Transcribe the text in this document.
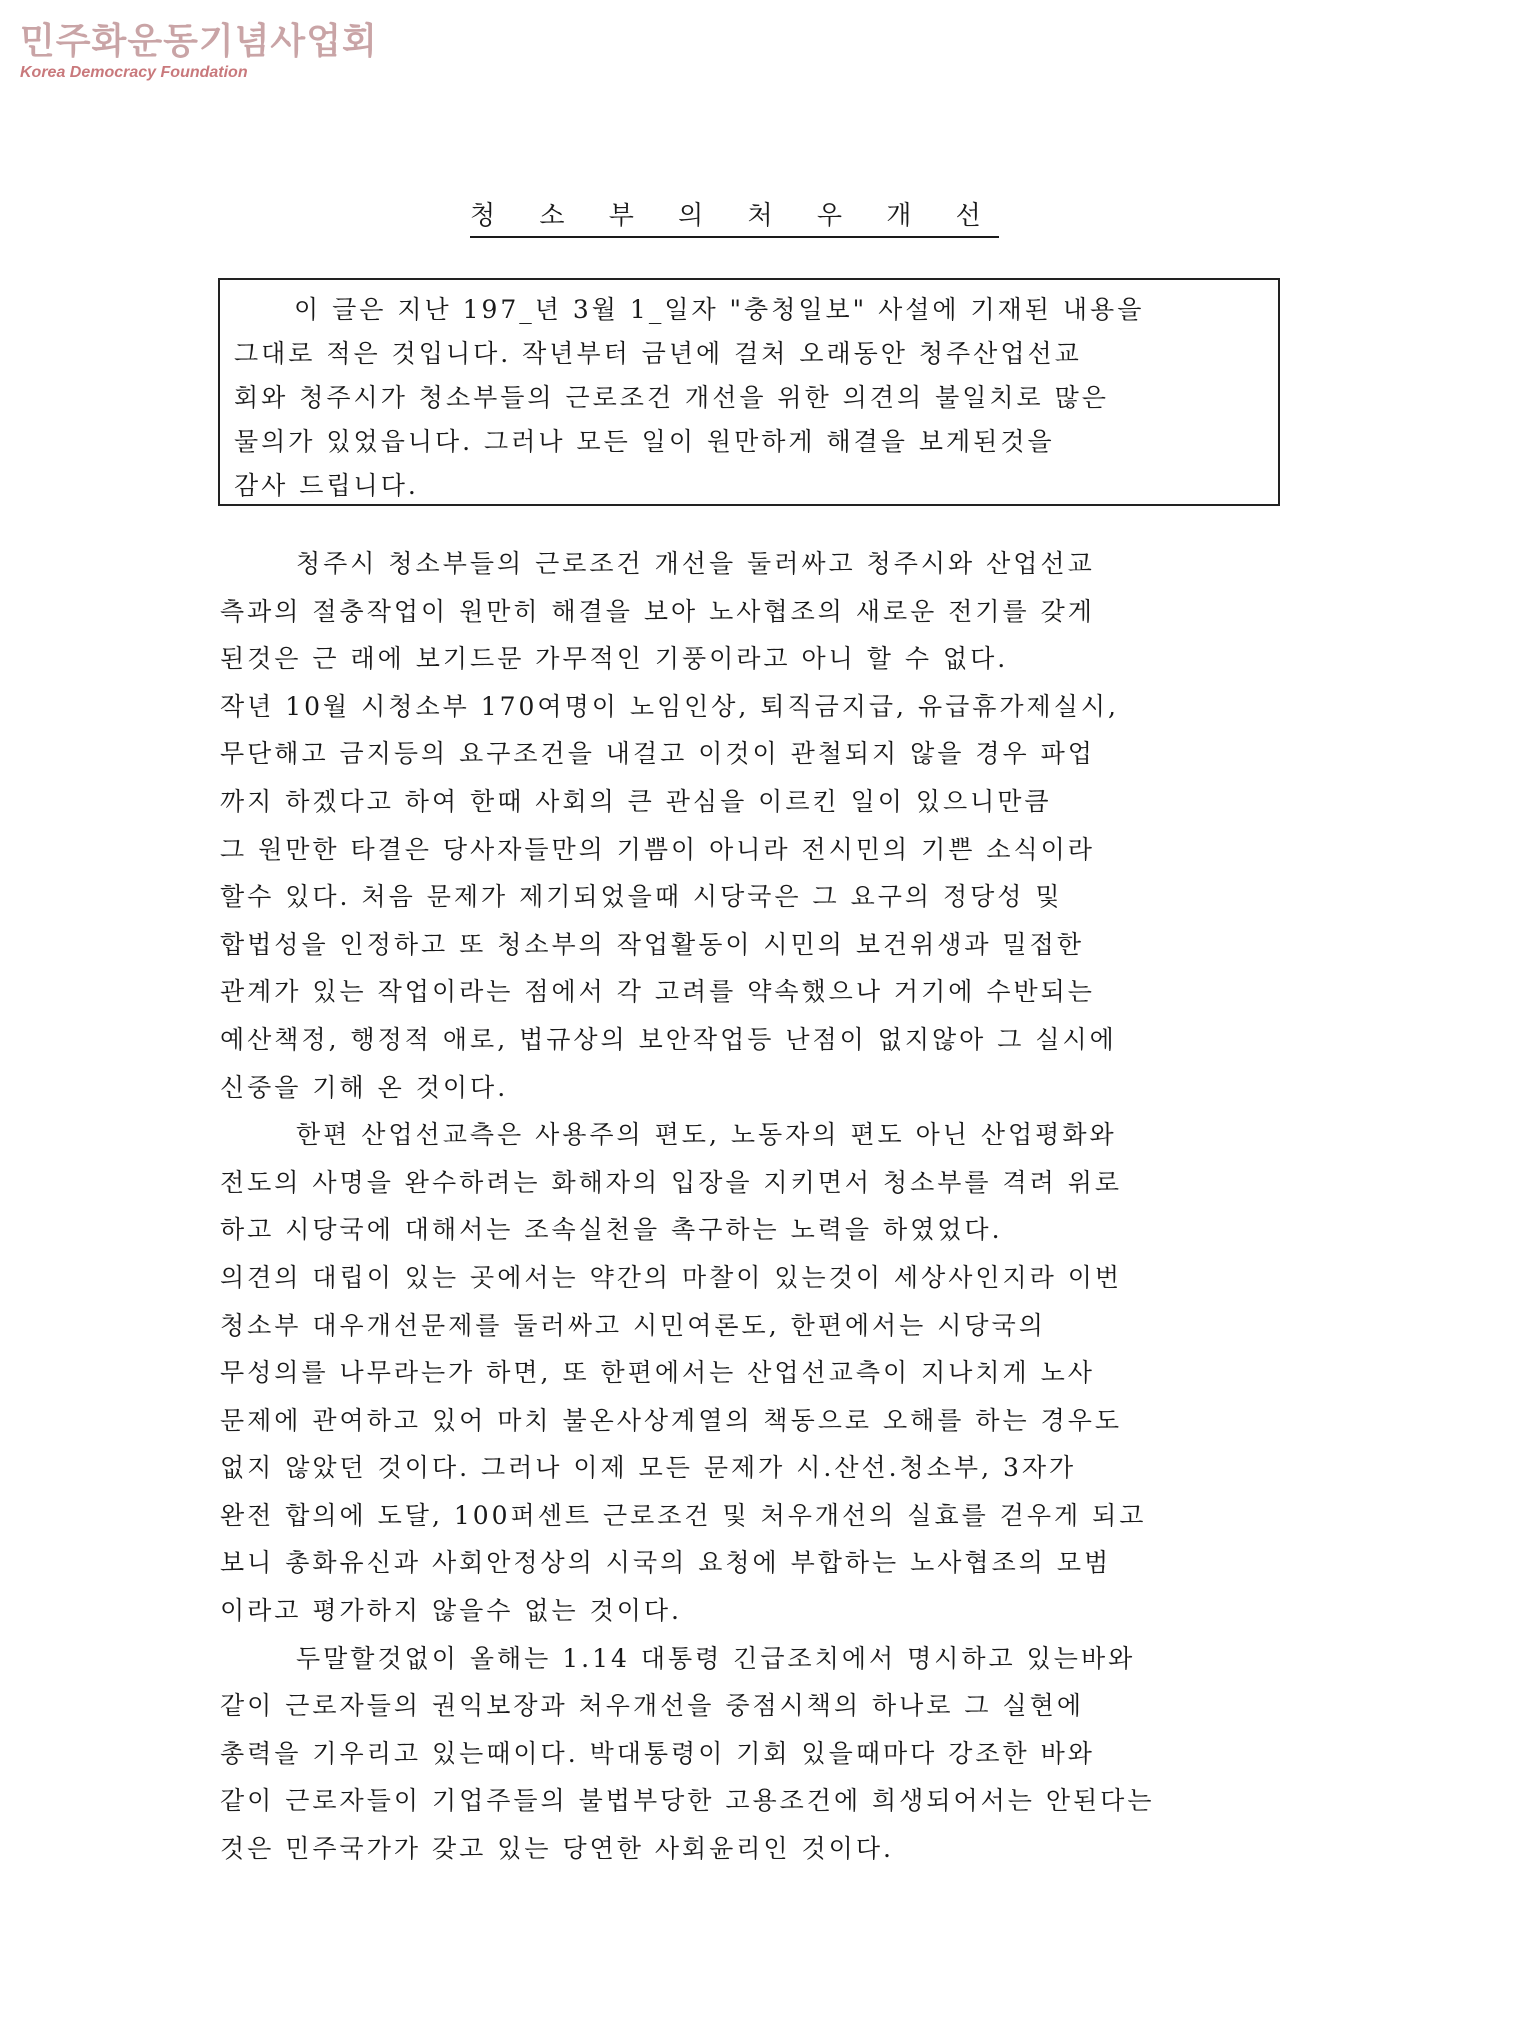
민주화운동기념사업회
Korea Democracy Foundation
청 소 부 의 처 우 개 선
이 글은 지난 197_년 3월 1_일자 "충청일보" 사설에 기재된 내용을
그대로 적은 것입니다. 작년부터 금년에 걸처 오래동안 청주산업선교
회와 청주시가 청소부들의 근로조건 개선을 위한 의견의 불일치로 많은
물의가 있었읍니다. 그러나 모든 일이 원만하게 해결을 보게된것을
감사 드립니다.
청주시 청소부들의 근로조건 개선을 둘러싸고 청주시와 산업선교
측과의 절충작업이 원만히 해결을 보아 노사협조의 새로운 전기를 갖게
된것은 근 래에 보기드문 가무적인 기풍이라고 아니 할 수 없다.
작년 10월 시청소부 170여명이 노임인상, 퇴직금지급, 유급휴가제실시,
무단해고 금지등의 요구조건을 내걸고 이것이 관철되지 않을 경우 파업
까지 하겠다고 하여 한때 사회의 큰 관심을 이르킨 일이 있으니만큼
그 원만한 타결은 당사자들만의 기쁨이 아니라 전시민의 기쁜 소식이라
할수 있다. 처음 문제가 제기되었을때 시당국은 그 요구의 정당성 및
합법성을 인정하고 또 청소부의 작업활동이 시민의 보건위생과 밀접한
관계가 있는 작업이라는 점에서 각 고려를 약속했으나 거기에 수반되는
예산책정, 행정적 애로, 법규상의 보안작업등 난점이 없지않아 그 실시에
신중을 기해 온 것이다.
한편 산업선교측은 사용주의 편도, 노동자의 편도 아닌 산업평화와
전도의 사명을 완수하려는 화해자의 입장을 지키면서 청소부를 격려 위로
하고 시당국에 대해서는 조속실천을 촉구하는 노력을 하였었다.
의견의 대립이 있는 곳에서는 약간의 마찰이 있는것이 세상사인지라 이번
청소부 대우개선문제를 둘러싸고 시민여론도, 한편에서는 시당국의
무성의를 나무라는가 하면, 또 한편에서는 산업선교측이 지나치게 노사
문제에 관여하고 있어 마치 불온사상계열의 책동으로 오해를 하는 경우도
없지 않았던 것이다. 그러나 이제 모든 문제가 시.산선.청소부, 3자가
완전 합의에 도달, 100퍼센트 근로조건 및 처우개선의 실효를 걷우게 되고
보니 총화유신과 사회안정상의 시국의 요청에 부합하는 노사협조의 모범
이라고 평가하지 않을수 없는 것이다.
두말할것없이 올해는 1.14 대통령 긴급조치에서 명시하고 있는바와
같이 근로자들의 권익보장과 처우개선을 중점시책의 하나로 그 실현에
총력을 기우리고 있는때이다. 박대통령이 기회 있을때마다 강조한 바와
같이 근로자들이 기업주들의 불법부당한 고용조건에 희생되어서는 안된다는
것은 민주국가가 갖고 있는 당연한 사회윤리인 것이다.
